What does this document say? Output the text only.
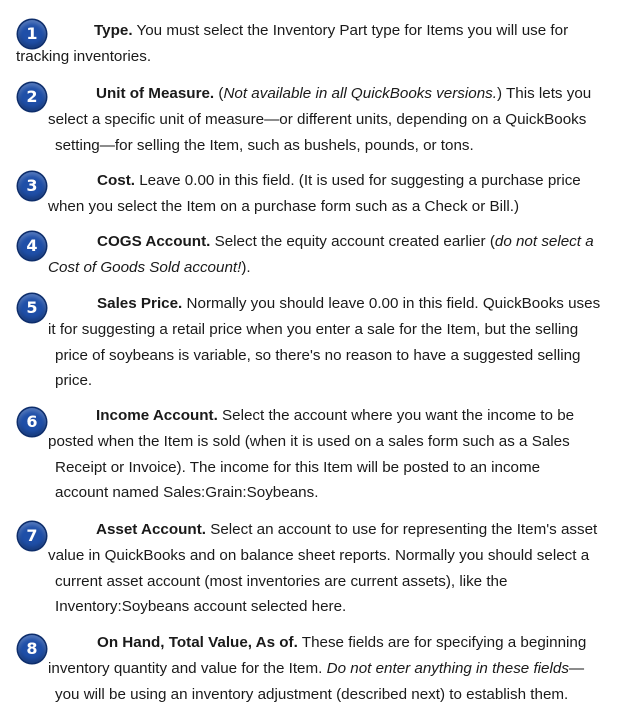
1	Type. You must select the Inventory Part type for Items you will use for
tracking inventories.
2	Unit of Measure. (Not available in all QuickBooks versions.) This lets you
select a specific unit of measure—or different units, depending on a QuickBooks
setting—for selling the Item, such as bushels, pounds, or tons.
3	Cost. Leave 0.00 in this field. (It is used for suggesting a purchase price
when you select the Item on a purchase form such as a Check or Bill.)
4	COGS Account. Select the equity account created earlier (do not select a
Cost of Goods Sold account!).
5	Sales Price. Normally you should leave 0.00 in this field. QuickBooks uses
it for suggesting a retail price when you enter a sale for the Item, but the selling
price of soybeans is variable, so there's no reason to have a suggested selling
price.
6	Income Account. Select the account where you want the income to be
posted when the Item is sold (when it is used on a sales form such as a Sales
Receipt or Invoice). The income for this Item will be posted to an income
account named Sales:Grain:Soybeans.
7	Asset Account. Select an account to use for representing the Item's asset
value in QuickBooks and on balance sheet reports. Normally you should select a
current asset account (most inventories are current assets), like the
Inventory:Soybeans account selected here.
8	On Hand, Total Value, As of. These fields are for specifying a beginning
inventory quantity and value for the Item. Do not enter anything in these fields—
you will be using an inventory adjustment (described next) to establish them.
